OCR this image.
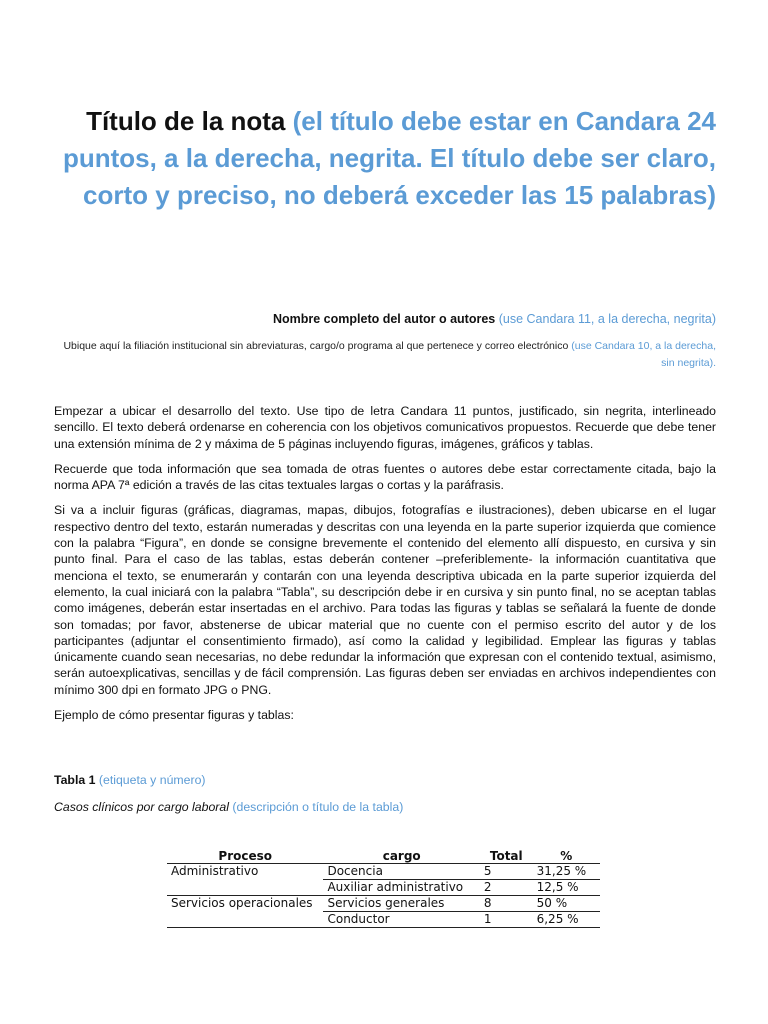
Título de la nota (el título debe estar en Candara 24 puntos, a la derecha, negrita. El título debe ser claro, corto y preciso, no deberá exceder las 15 palabras)
Nombre completo del autor o autores (use Candara 11, a la derecha, negrita)
Ubique aquí la filiación institucional sin abreviaturas, cargo/o programa al que pertenece y correo electrónico (use Candara 10, a la derecha, sin negrita).

Empezar a ubicar el desarrollo del texto. Use tipo de letra Candara 11 puntos, justificado, sin negrita, interlineado sencillo. El texto deberá ordenarse en coherencia con los objetivos comunicativos propuestos. Recuerde que debe tener una extensión mínima de 2 y máxima de 5 páginas incluyendo figuras, imágenes, gráficos y tablas.

Recuerde que toda información que sea tomada de otras fuentes o autores debe estar correctamente citada, bajo la norma APA 7ª edición a través de las citas textuales largas o cortas y la paráfrasis.

Si va a incluir figuras (gráficas, diagramas, mapas, dibujos, fotografías e ilustraciones), deben ubicarse en el lugar respectivo dentro del texto, estarán numeradas y descritas con una leyenda en la parte superior izquierda que comience con la palabra “Figura”, en donde se consigne brevemente el contenido del elemento allí dispuesto, en cursiva y sin punto final. Para el caso de las tablas, estas deberán contener –preferiblemente- la información cuantitativa que menciona el texto, se enumerarán y contarán con una leyenda descriptiva ubicada en la parte superior izquierda del elemento, la cual iniciará con la palabra “Tabla”, su descripción debe ir en cursiva y sin punto final, no se aceptan tablas como imágenes, deberán estar insertadas en el archivo. Para todas las figuras y tablas se señalará la fuente de donde son tomadas; por favor, abstenerse de ubicar material que no cuente con el permiso escrito del autor y de los participantes (adjuntar el consentimiento firmado), así como la calidad y legibilidad. Emplear las figuras y tablas únicamente cuando sean necesarias, no debe redundar la información que expresan con el contenido textual, asimismo, serán autoexplicativas, sencillas y de fácil comprensión. Las figuras deben ser enviadas en archivos independientes con mínimo 300 dpi en formato JPG o PNG.

Ejemplo de cómo presentar figuras y tablas:

Tabla 1 (etiqueta y número)
Casos clínicos por cargo laboral (descripción o título de la tabla)
Proceso	cargo	Total	%
Administrativo	Docencia	5	31,25 %
	Auxiliar administrativo	2	12,5 %
Servicios operacionales	Servicios generales	8	50 %
	Conductor	1	6,25 %
